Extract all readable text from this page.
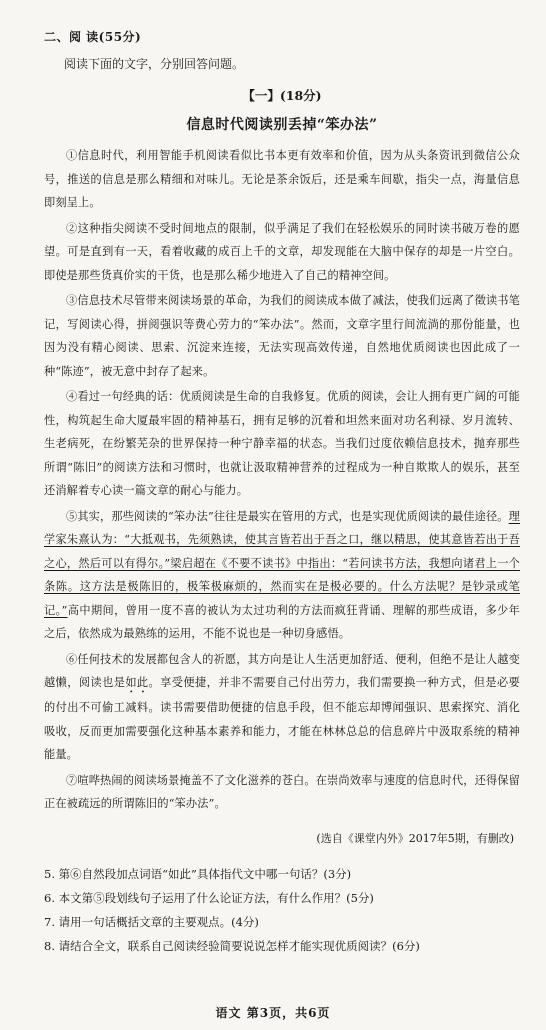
二、阅 读(55分)
阅读下面的文字，分别回答问题。
【一】(18分)
信息时代阅读别丢掉“笨办法”

①信息时代，利用智能手机阅读看似比书本更有效率和价值，因为从头条资讯到微信公众号，推送的信息是那么精细和对味儿。无论是茶余饭后，还是乘车间歇，指尖一点，海量信息即刻呈上。

②这种指尖阅读不受时间地点的限制，似乎满足了我们在轻松娱乐的同时读书破万卷的愿望。可是直到有一天，看着收藏的成百上千的文章，却发现能在大脑中保存的却是一片空白。即使是那些货真价实的干货，也是那么稀少地进入了自己的精神空间。

③信息技术尽管带来阅读场景的革命，为我们的阅读成本做了减法，使我们远离了徵读书笔记，写阅读心得，拼阅强识等费心劳力的“笨办法”。然而，文章字里行间流淌的那份能量，也因为没有精心阅读、思索、沉淀来连接，无法实现高效传递，自然地优质阅读也因此成了一种“陈迹”，被无意中封存了起来。

④看过一句经典的话：优质阅读是生命的自我修复。优质的阅读，会让人拥有更广阔的可能性，构筑起生命大厦最牢固的精神基石，拥有足够的沉着和坦然来面对功名利禄、岁月流转、生老病死，在纷繁芜杂的世界保持一种宁静幸福的状态。当我们过度依赖信息技术，抛弃那些所谓“陈旧”的阅读方法和习惯时，也就让汲取精神营养的过程成为一种自欺欺人的娱乐，甚至还消解着专心读一篇文章的耐心与能力。

⑤其实，那些阅读的“笨办法”往往是最实在管用的方式，也是实现优质阅读的最佳途径。理学家朱熹认为：“大抵观书，先须熟读，使其言皆若出于吾之口，继以精思，使其意皆若出于吾之心，然后可以有得尔。”梁启超在《不要不读书》中指出：“若问读书方法，我想向诸君上一个条陈。这方法是极陈旧的，极笨极麻烦的，然而实在是极必要的。什么方法呢？是钞录或笔记。”高中期间，曾用一度不喜的被认为太过功利的方法而疯狂背诵、理解的那些成语，多少年之后，依然成为最熟练的运用，不能不说也是一种切身感悟。

⑥任何技术的发展都包含人的祈愿，其方向是让人生活更加舒适、便利，但绝不是让人越变越懒，阅读也是如此。享受便捷，并非不需要自己付出劳力，我们需要换一种方式，但是必要的付出不可偷工减料。读书需要借助便捷的信息手段，但不能忘却博闻强识、思索探究、消化吸收，反而更加需要强化这种基本素养和能力，才能在林林总总的信息碎片中汲取系统的精神能量。

⑦喧哗热闹的阅读场景掩盖不了文化滋养的苍白。在崇尚效率与速度的信息时代，还得保留正在被疏远的所谓陈旧的“笨办法”。

(选自《课堂内外》2017年5期，有删改)

5. 第⑥自然段加点词语“如此”具体指代文中哪一句话？(3分)

6. 本文第⑤段划线句子运用了什么论证方法，有什么作用？(5分)

7. 请用一句话概括文章的主要观点。(4分)

8. 请结合全文，联系自己阅读经验简要说说怎样才能实现优质阅读？(6分)

语文 第3页，共6页
